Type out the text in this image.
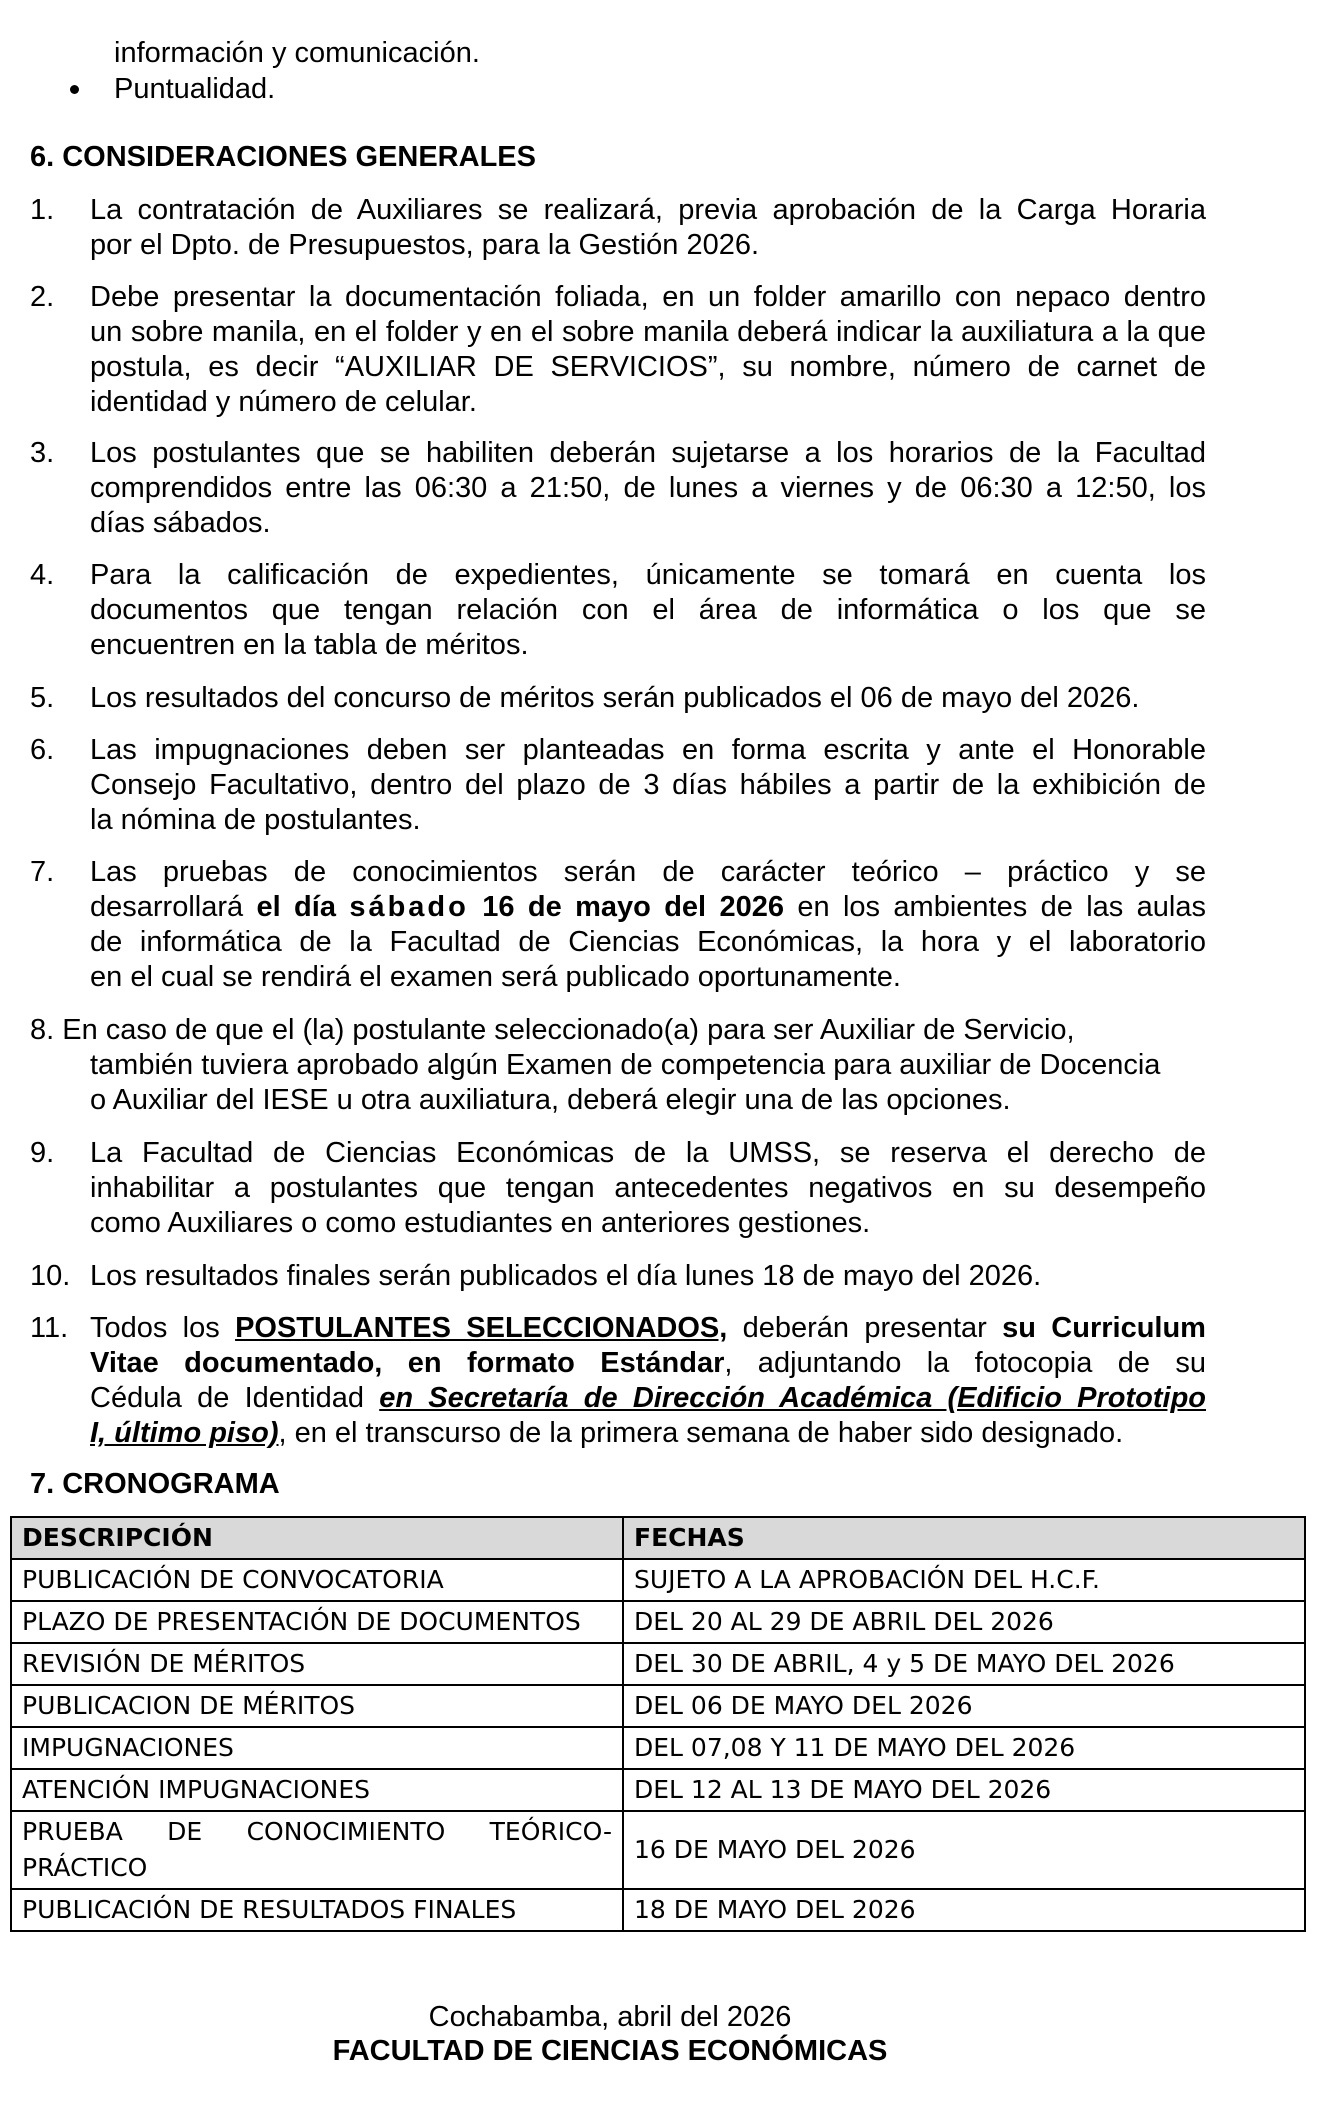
información y comunicación.
Puntualidad.
6. CONSIDERACIONES GENERALES
1. La contratación de Auxiliares se realizará, previa aprobación de la Carga Horaria
por el Dpto. de Presupuestos, para la Gestión 2026.
2. Debe presentar la documentación foliada, en un folder amarillo con nepaco dentro
un sobre manila, en el folder y en el sobre manila deberá indicar la auxiliatura a la que
postula, es decir “AUXILIAR DE SERVICIOS”, su nombre, número de carnet de
identidad y número de celular.
3. Los postulantes que se habiliten deberán sujetarse a los horarios de la Facultad
comprendidos entre las 06:30 a 21:50, de lunes a viernes y de 06:30 a 12:50, los
días sábados.
4. Para la calificación de expedientes, únicamente se tomará en cuenta los
documentos que tengan relación con el área de informática o los que se
encuentren en la tabla de méritos.
5. Los resultados del concurso de méritos serán publicados el 06 de mayo del 2026.
6. Las impugnaciones deben ser planteadas en forma escrita y ante el Honorable
Consejo Facultativo, dentro del plazo de 3 días hábiles a partir de la exhibición de
la nómina de postulantes.
7. Las pruebas de conocimientos serán de carácter teórico – práctico y se
desarrollará el día sábado 16 de mayo del 2026 en los ambientes de las aulas
de informática de la Facultad de Ciencias Económicas, la hora y el laboratorio
en el cual se rendirá el examen será publicado oportunamente.
8. En caso de que el (la) postulante seleccionado(a) para ser Auxiliar de Servicio,
también tuviera aprobado algún Examen de competencia para auxiliar de Docencia
o Auxiliar del IESE u otra auxiliatura, deberá elegir una de las opciones.
9. La Facultad de Ciencias Económicas de la UMSS, se reserva el derecho de
inhabilitar a postulantes que tengan antecedentes negativos en su desempeño
como Auxiliares o como estudiantes en anteriores gestiones.
10. Los resultados finales serán publicados el día lunes 18 de mayo del 2026.
11. Todos los POSTULANTES SELECCIONADOS, deberán presentar su Curriculum
Vitae documentado, en formato Estándar, adjuntando la fotocopia de su
Cédula de Identidad en Secretaría de Dirección Académica (Edificio Prototipo
I, último piso), en el transcurso de la primera semana de haber sido designado.
7. CRONOGRAMA
DESCRIPCIÓN	FECHAS
PUBLICACIÓN DE CONVOCATORIA	SUJETO A LA APROBACIÓN DEL H.C.F.
PLAZO DE PRESENTACIÓN DE DOCUMENTOS	DEL 20 AL 29 DE ABRIL DEL 2026
REVISIÓN DE MÉRITOS	DEL 30 DE ABRIL, 4 y 5 DE MAYO DEL 2026
PUBLICACION DE MÉRITOS	DEL 06 DE MAYO DEL 2026
IMPUGNACIONES	DEL 07,08 Y 11 DE MAYO DEL 2026
ATENCIÓN IMPUGNACIONES	DEL 12 AL 13 DE MAYO DEL 2026

PRUEBA DE CONOCIMIENTO TEÓRICO-
PRÁCTICO	16 DE MAYO DEL 2026
PUBLICACIÓN DE RESULTADOS FINALES	18 DE MAYO DEL 2026
Cochabamba, abril del 2026
FACULTAD DE CIENCIAS ECONÓMICAS
